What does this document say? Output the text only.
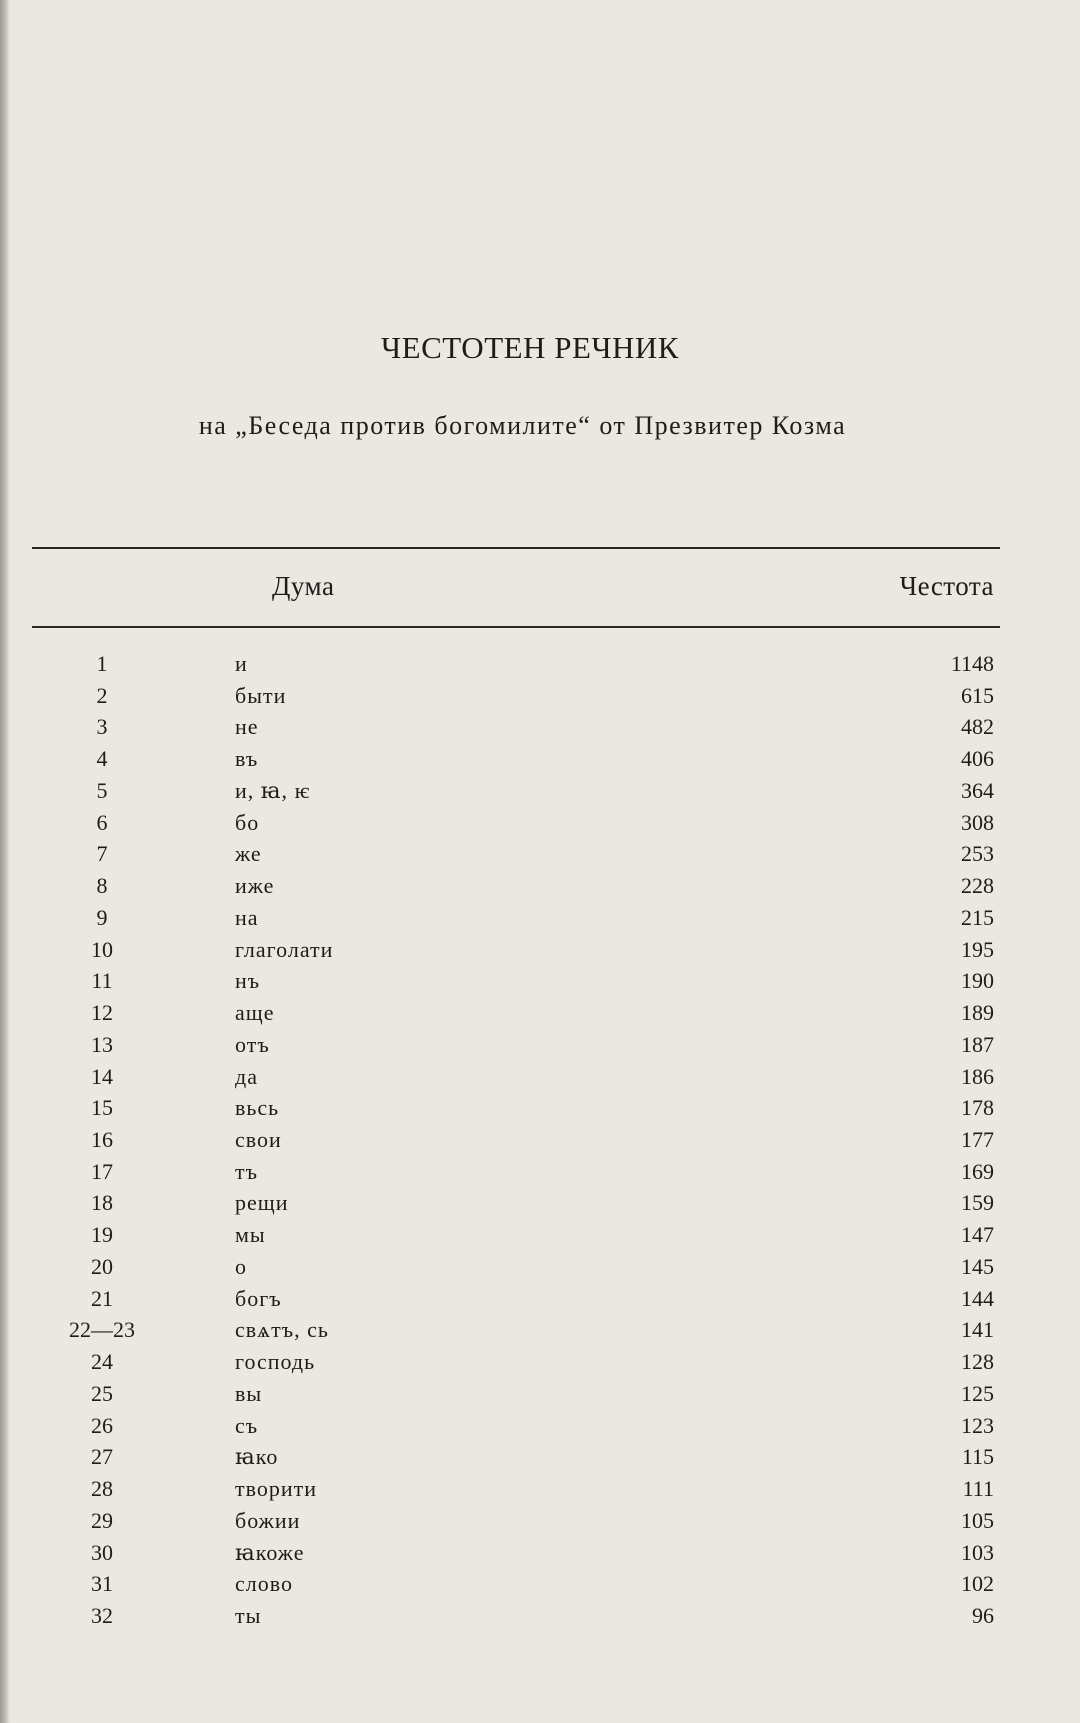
ЧЕСТОТЕН РЕЧНИК
на „Беседа против богомилите“ от Презвитер Козма
Дума	Честота
1	и	1148
2	быти	615
3	не	482
4	въ	406
5	и, ꙗ, ѥ	364
6	бо	308
7	же	253
8	иже	228
9	на	215
10	глаголати	195
11	нъ	190
12	аще	189
13	отъ	187
14	да	186
15	вьсь	178
16	свои	177
17	тъ	169
18	рещи	159
19	мы	147
20	о	145
21	богъ	144
22—23	свѧтъ, сь	141
24	господь	128
25	вы	125
26	съ	123
27	ꙗко	115
28	творити	111
29	божии	105
30	ꙗкоже	103
31	слово	102
32	ты	96
